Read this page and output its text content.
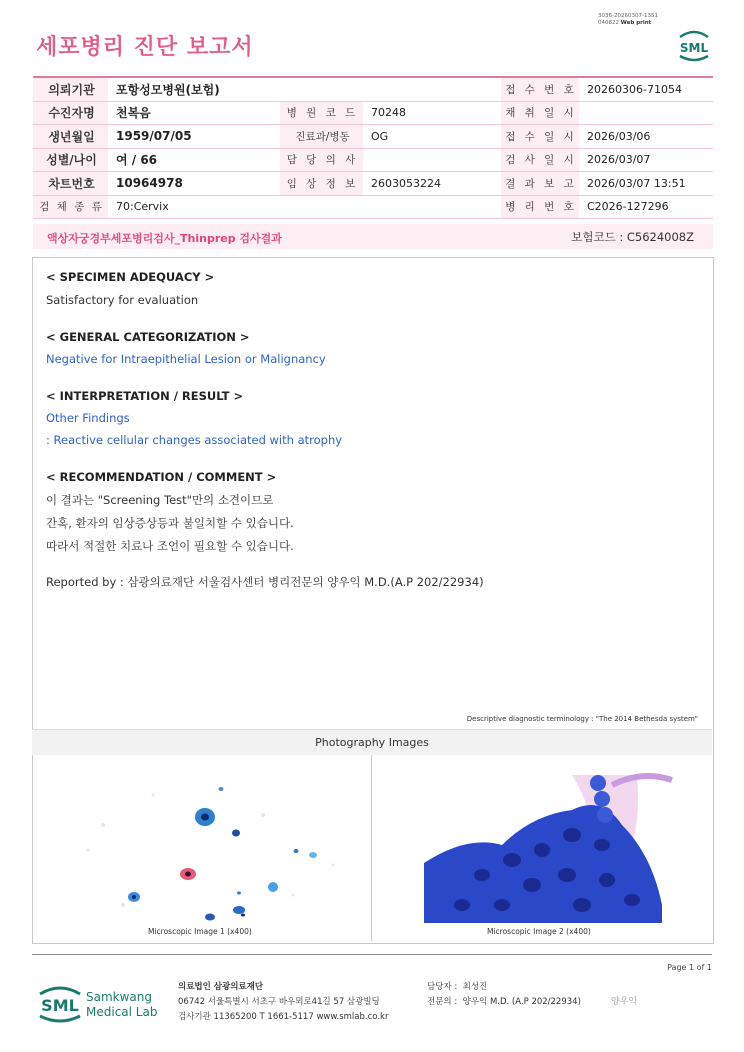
세포병리 진단 보고서
3036-20260307-1351
040822 Web print
SML
의뢰기관	포항성모병원(보험)			접 수 번 호	20260306-71054
수진자명	천복음	병 원 코 드	70248	채 취 일 시	
생년월일	1959/07/05	진료과/병동	OG	접 수 일 시	2026/03/06
성별/나이	여 / 66	담 당 의 사		검 사 일 시	2026/03/07
차트번호	10964978	임 상 정 보	2603053224	결 과 보 고	2026/03/07 13:51
검 체 종 류	70:Cervix			병 리 번 호	C2026-127296
액상자궁경부세포병리검사_Thinprep 검사결과	보험코드 : C5624008Z
< SPECIMEN ADEQUACY >
Satisfactory for evaluation
< GENERAL CATEGORIZATION >
Negative for Intraepithelial Lesion or Malignancy
< INTERPRETATION / RESULT >
Other Findings
: Reactive cellular changes associated with atrophy
< RECOMMENDATION / COMMENT >
이 결과는 "Screening Test"만의 소견이므로
간혹, 환자의 임상증상등과 불일치할 수 있습니다.
따라서 적절한 치료나 조언이 필요할 수 있습니다.
Reported by : 삼광의료재단 서울검사센터 병리전문의 양우익 M.D.(A.P 202/22934)
Descriptive diagnostic terminology : "The 2014 Bethesda system"
Photography Images
Microscopic Image 1 (x400)	Microscopic Image 2 (x400)
Page 1 of 1
SML Samkwang
Medical Lab
의료법인 삼광의료재단
06742 서울특별시 서초구 바우뫼로41길 57 삼광빌딩
검사기관 11365200 T 1661-5117 www.smlab.co.kr
담당자 : 최성진
전문의 : 양우익 M.D. (A.P 202/22934)	양우익
